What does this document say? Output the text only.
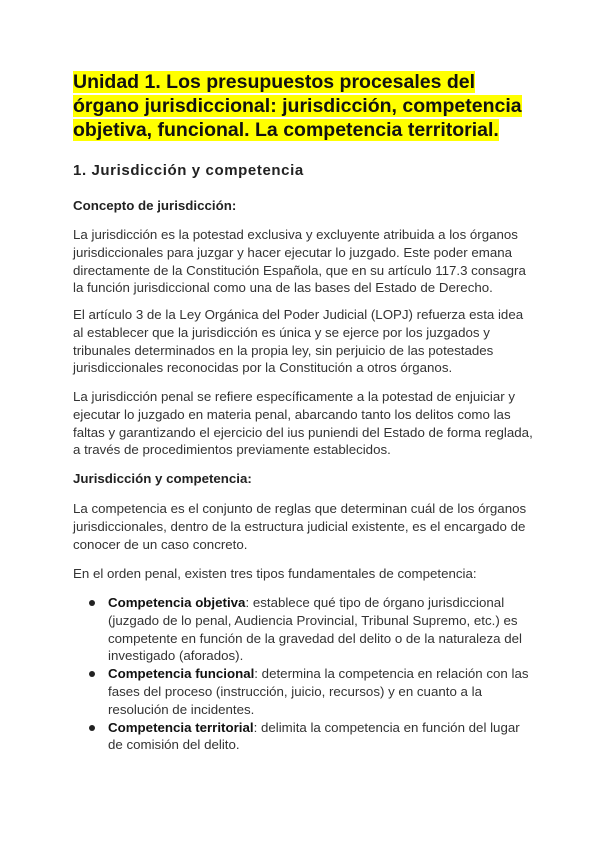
Unidad 1. Los presupuestos procesales del órgano jurisdiccional: jurisdicción, competencia objetiva, funcional. La competencia territorial.
1. Jurisdicción y competencia
Concepto de jurisdicción:

La jurisdicción es la potestad exclusiva y excluyente atribuida a los órganos jurisdiccionales para juzgar y hacer ejecutar lo juzgado. Este poder emana directamente de la Constitución Española, que en su artículo 117.3 consagra la función jurisdiccional como una de las bases del Estado de Derecho.

El artículo 3 de la Ley Orgánica del Poder Judicial (LOPJ) refuerza esta idea al establecer que la jurisdicción es única y se ejerce por los juzgados y tribunales determinados en la propia ley, sin perjuicio de las potestades jurisdiccionales reconocidas por la Constitución a otros órganos.

La jurisdicción penal se refiere específicamente a la potestad de enjuiciar y ejecutar lo juzgado en materia penal, abarcando tanto los delitos como las faltas y garantizando el ejercicio del ius puniendi del Estado de forma reglada, a través de procedimientos previamente establecidos.

Jurisdicción y competencia:

La competencia es el conjunto de reglas que determinan cuál de los órganos jurisdiccionales, dentro de la estructura judicial existente, es el encargado de conocer de un caso concreto.

En el orden penal, existen tres tipos fundamentales de competencia:

Competencia objetiva: establece qué tipo de órgano jurisdiccional (juzgado de lo penal, Audiencia Provincial, Tribunal Supremo, etc.) es competente en función de la gravedad del delito o de la naturaleza del investigado (aforados).
Competencia funcional: determina la competencia en relación con las fases del proceso (instrucción, juicio, recursos) y en cuanto a la resolución de incidentes.
Competencia territorial: delimita la competencia en función del lugar de comisión del delito.
